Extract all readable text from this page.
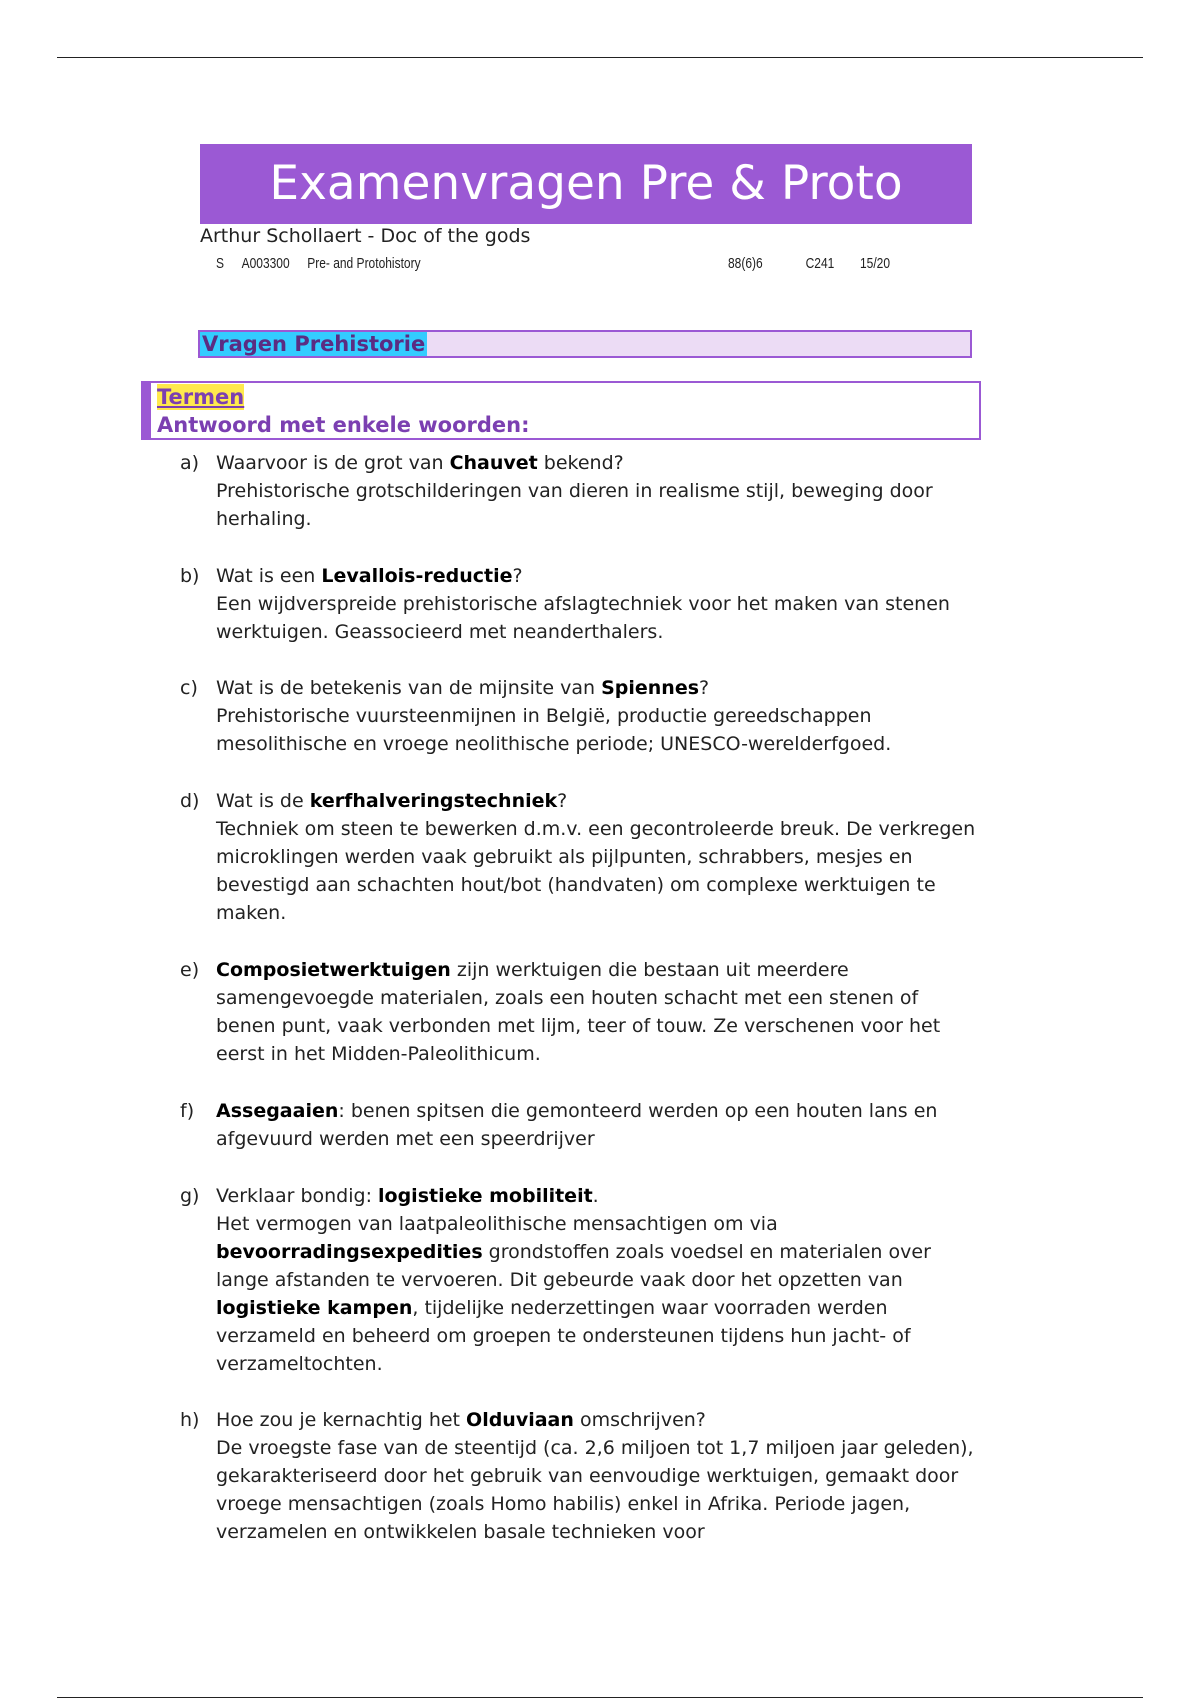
Examenvragen Pre & Proto
Arthur Schollaert - Doc of the gods
S A003300 Pre- and Protohistory	88(6)6	C241 15/20
Vragen Prehistorie
Termen
Antwoord met enkele woorden:
a) Waarvoor is de grot van Chauvet bekend?

Prehistorische grotschilderingen van dieren in realisme stijl, beweging door herhaling.

b) Wat is een Levallois-reductie?

Een wijdverspreide prehistorische afslagtechniek voor het maken van stenen werktuigen. Geassocieerd met neanderthalers.

c) Wat is de betekenis van de mijnsite van Spiennes?

Prehistorische vuursteenmijnen in België, productie gereedschappen mesolithische en vroege neolithische periode; UNESCO-werelderfgoed.

d) Wat is de kerfhalveringstechniek?

Techniek om steen te bewerken d.m.v. een gecontroleerde breuk. De verkregen microklingen werden vaak gebruikt als pijlpunten, schrabbers, mesjes en bevestigd aan schachten hout/bot (handvaten) om complexe werktuigen te maken.

e) Composietwerktuigen zijn werktuigen die bestaan uit meerdere samengevoegde materialen, zoals een houten schacht met een stenen of benen punt, vaak verbonden met lijm, teer of touw. Ze verschenen voor het eerst in het Midden-Paleolithicum.

f) Assegaaien: benen spitsen die gemonteerd werden op een houten lans en afgevuurd werden met een speerdrijver

g) Verklaar bondig: logistieke mobiliteit.

Het vermogen van laatpaleolithische mensachtigen om via bevoorradingsexpedities grondstoffen zoals voedsel en materialen over lange afstanden te vervoeren. Dit gebeurde vaak door het opzetten van logistieke kampen, tijdelijke nederzettingen waar voorraden werden verzameld en beheerd om groepen te ondersteunen tijdens hun jacht- of verzameltochten.

h) Hoe zou je kernachtig het Olduviaan omschrijven?

De vroegste fase van de steentijd (ca. 2,6 miljoen tot 1,7 miljoen jaar geleden), gekarakteriseerd door het gebruik van eenvoudige werktuigen, gemaakt door vroege mensachtigen (zoals Homo habilis) enkel in Afrika. Periode jagen, verzamelen en ontwikkelen basale technieken voor
